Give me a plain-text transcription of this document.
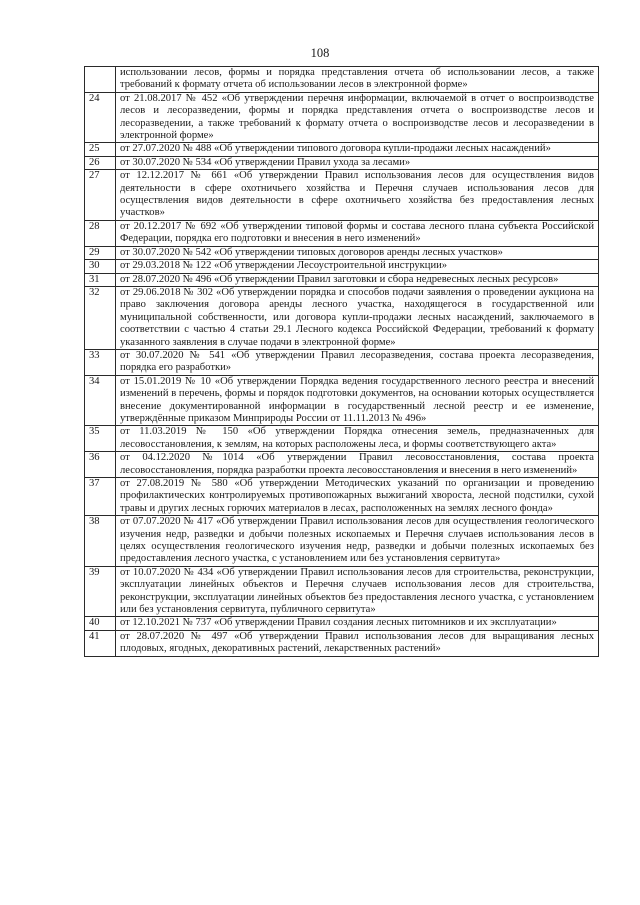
108
	использовании лесов, формы и порядка представления отчета об использовании лесов, а также требований к формату отчета об использовании лесов в электронной форме»
24	от 21.08.2017 № 452 «Об утверждении перечня информации, включаемой в отчет о воспроизводстве лесов и лесоразведении, формы и порядка представления отчета о воспроизводстве лесов и лесоразведении, а также требований к формату отчета о воспроизводстве лесов и лесоразведении в электронной форме»
25	от 27.07.2020 № 488 «Об утверждении типового договора купли-продажи лесных насаждений»
26	от 30.07.2020 № 534 «Об утверждении Правил ухода за лесами»
27	от 12.12.2017 № 661 «Об утверждении Правил использования лесов для осуществления видов деятельности в сфере охотничьего хозяйства и Перечня случаев использования лесов для осуществления видов деятельности в сфере охотничьего хозяйства без предоставления лесных участков»
28	от 20.12.2017 № 692 «Об утверждении типовой формы и состава лесного плана субъекта Российской Федерации, порядка его подготовки и внесения в него изменений»
29	от 30.07.2020 № 542 «Об утверждении типовых договоров аренды лесных участков»
30	от 29.03.2018 № 122 «Об утверждении Лесоустроительной инструкции»
31	от 28.07.2020 № 496 «Об утверждении Правил заготовки и сбора недревесных лесных ресурсов»
32	от 29.06.2018 № 302 «Об утверждении порядка и способов подачи заявления о проведении аукциона на право заключения договора аренды лесного участка, находящегося в государственной или муниципальной собственности, или договора купли-продажи лесных насаждений, заключаемого в соответствии с частью 4 статьи 29.1 Лесного кодекса Российской Федерации, требований к формату указанного заявления в случае подачи в электронной форме»
33	от 30.07.2020 № 541 «Об утверждении Правил лесоразведения, состава проекта лесоразведения, порядка его разработки»
34	от 15.01.2019 № 10 «Об утверждении Порядка ведения государственного лесного реестра и внесений изменений в перечень, формы и порядок подготовки документов, на основании которых осуществляется внесение документированной информации в государственный лесной реестр и ее изменение, утверждённые приказом Минприроды России от 11.11.2013 № 496»
35	от 11.03.2019 № 150 «Об утверждении Порядка отнесения земель, предназначенных для лесовосстановления, к землям, на которых расположены леса, и формы соответствующего акта»
36	от 04.12.2020 №1014 «Об утверждении Правил лесовосстановления, состава проекта лесовосстановления, порядка разработки проекта лесовосстановления и внесения в него изменений»
37	от 27.08.2019 № 580 «Об утверждении Методических указаний по организации и проведению профилактических контролируемых противопожарных выжиганий хвороста, лесной подстилки, сухой травы и других лесных горючих материалов в лесах, расположенных на землях лесного фонда»
38	от 07.07.2020 № 417 «Об утверждении Правил использования лесов для осуществления геологического изучения недр, разведки и добычи полезных ископаемых и Перечня случаев использования лесов в целях осуществления геологического изучения недр, разведки и добычи полезных ископаемых без предоставления лесного участка, с установлением или без установления сервитута»
39	от 10.07.2020 № 434 «Об утверждении Правил использования лесов для строительства, реконструкции, эксплуатации линейных объектов и Перечня случаев использования лесов для строительства, реконструкции, эксплуатации линейных объектов без предоставления лесного участка, с установлением или без установления сервитута, публичного сервитута»
40	от 12.10.2021 № 737 «Об утверждении Правил создания лесных питомников и их эксплуатации»
41	от 28.07.2020 № 497 «Об утверждении Правил использования лесов для выращивания лесных плодовых, ягодных, декоративных растений, лекарственных растений»
